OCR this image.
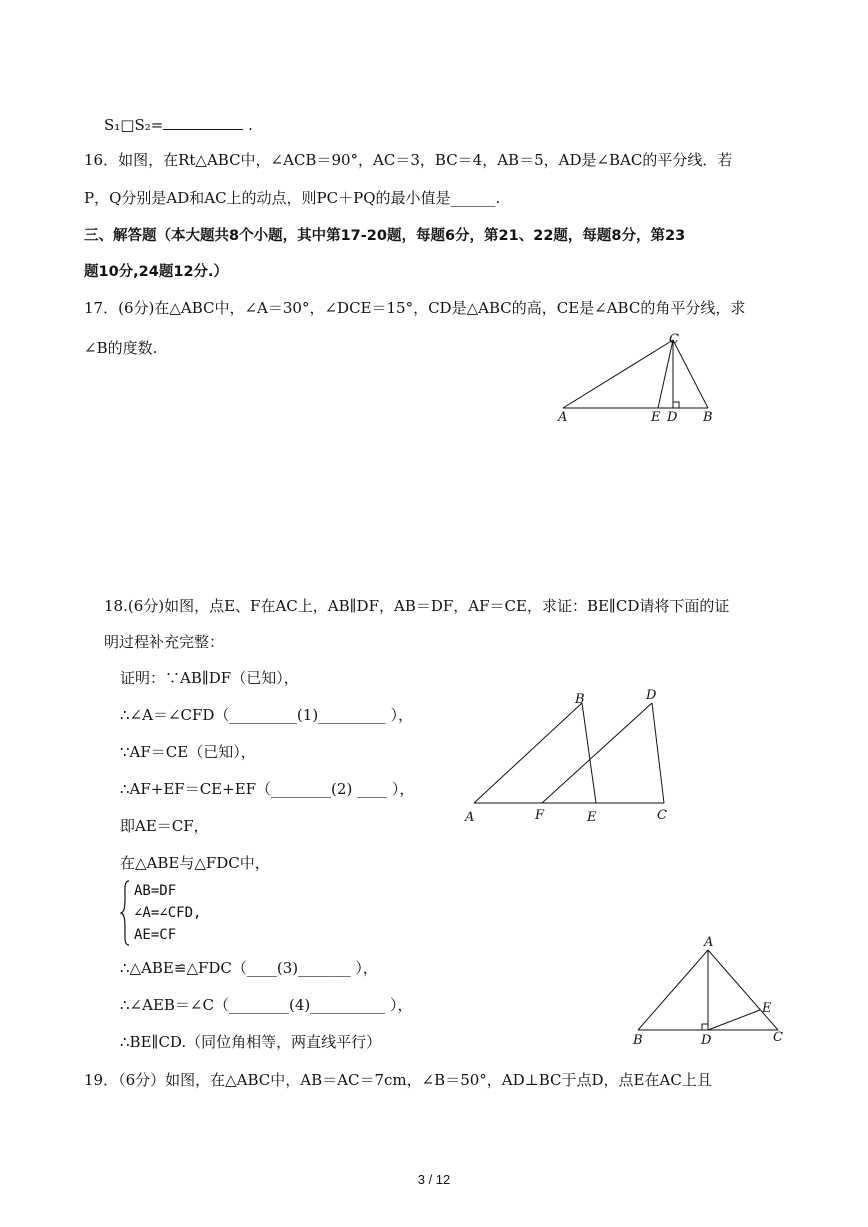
S₁□S₂=	.
16．如图，在Rt△ABC中，∠ACB＝90°，AC＝3，BC＝4，AB＝5，AD是∠BAC的平分线．若
P，Q分别是AD和AC上的动点，则PC＋PQ的最小值是______.
三、解答题（本大题共8个小题，其中第17-20题，每题6分，第21、22题，每题8分，第23
题10分,24题12分.）
17．(6分)在△ABC中，∠A＝30°，∠DCE＝15°，CD是△ABC的高，CE是∠ABC的角平分线，求
∠B的度数.	C
A	E D B
18.(6分)如图，点E、F在AC上，AB∥DF，AB＝DF，AF＝CE，求证：BE∥CD请将下面的证
明过程补充完整：
证明：∵AB∥DF（已知），
∴∠A＝∠CFD（_________(1)_________ ），
∵AF＝CE（已知），
∴AF+EF＝CE+EF（________(2) ____ ），
即AE＝CF，
在△ABE与△FDC中，
AB=DF
∠A=∠CFD,
AE=CF
∴△ABE≌△FDC（____(3)_______ ），
∴∠AEB＝∠C（________(4)__________ ），
∴BE∥CD.（同位角相等，两直线平行）
B	D
A	F	E	C
A
B	D
E
C
19．（6分）如图，在△ABC中，AB＝AC＝7cm，∠B＝50°，AD⊥BC于点D，点E在AC上且
3 / 12
